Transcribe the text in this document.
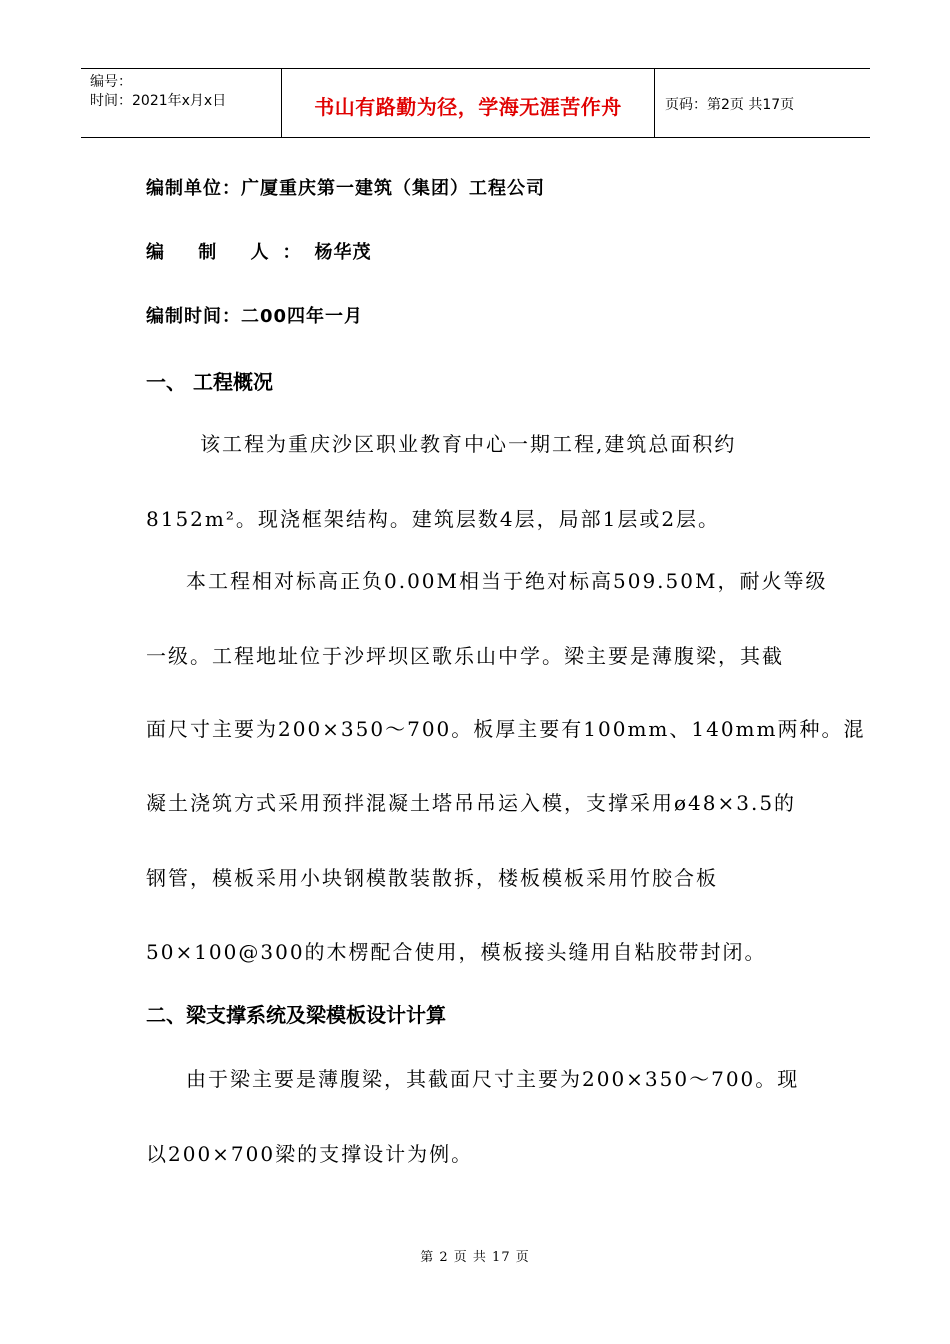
编号：
时间：2021年x月x日	书山有路勤为径，学海无涯苦作舟	页码：第2页 共17页
编制单位：广厦重庆第一建筑（集团）工程公司
编 制 人：杨华茂
编制时间：二00四年一月
一、 工程概况
该工程为重庆沙区职业教育中心一期工程,建筑总面积约
8152m²。现浇框架结构。建筑层数4层，局部1层或2层。
本工程相对标高正负0.00M相当于绝对标高509.50M，耐火等级
一级。工程地址位于沙坪坝区歌乐山中学。梁主要是薄腹梁，其截
面尺寸主要为200×350～700。板厚主要有100mm、140mm两种。混
凝土浇筑方式采用预拌混凝土塔吊吊运入模，支撑采用ø48×3.5的
钢管，模板采用小块钢模散装散拆，楼板模板采用竹胶合板
50×100@300的木楞配合使用，模板接头缝用自粘胶带封闭。
二、梁支撑系统及梁模板设计计算
由于梁主要是薄腹梁，其截面尺寸主要为200×350～700。现
以200×700梁的支撑设计为例。
第 2 页 共 17 页
